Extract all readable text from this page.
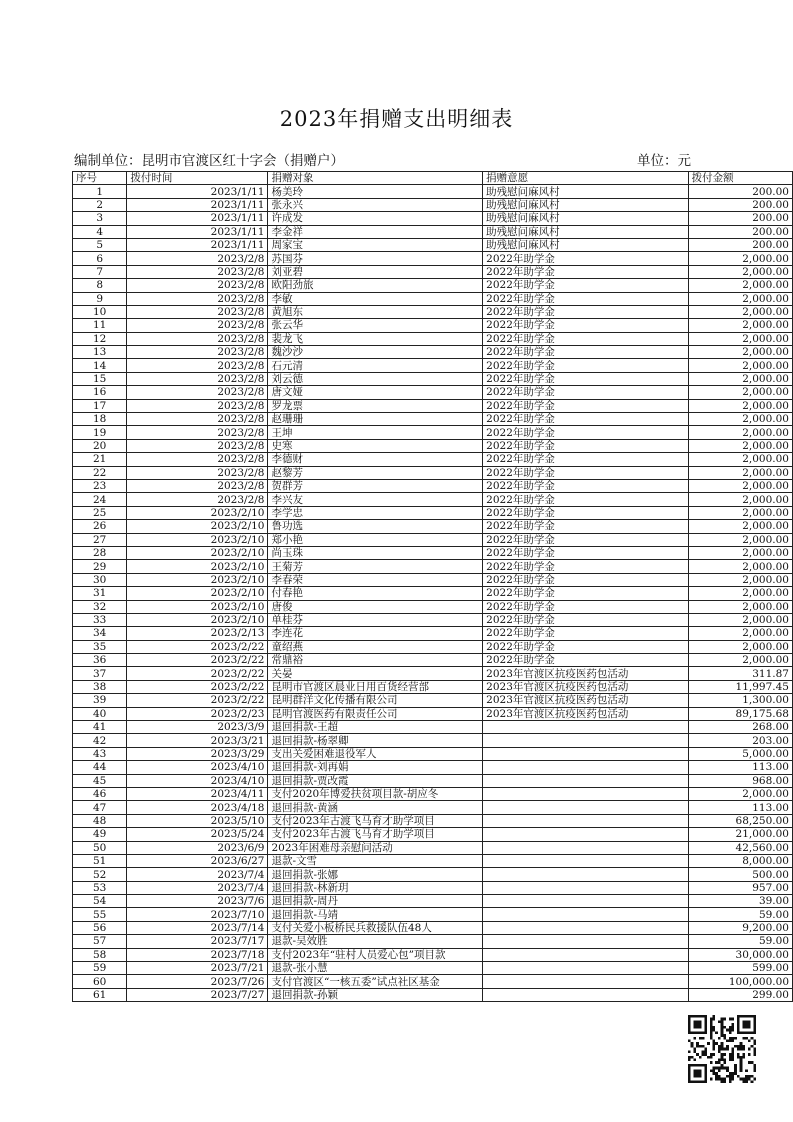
2023年捐赠支出明细表
编制单位：昆明市官渡区红十字会（捐赠户）	单位：元
序号	拨付时间	捐赠对象	捐赠意愿	拨付金额
1	2023/1/11	杨美玲	助残慰问麻风村	200.00
2	2023/1/11	张永兴	助残慰问麻风村	200.00
3	2023/1/11	许成发	助残慰问麻风村	200.00
4	2023/1/11	李金祥	助残慰问麻风村	200.00
5	2023/1/11	周家宝	助残慰问麻风村	200.00
6	2023/2/8	苏国芬	2022年助学金	2,000.00
7	2023/2/8	刘亚碧	2022年助学金	2,000.00
8	2023/2/8	欧阳劲旅	2022年助学金	2,000.00
9	2023/2/8	李敏	2022年助学金	2,000.00
10	2023/2/8	黄旭东	2022年助学金	2,000.00
11	2023/2/8	张云华	2022年助学金	2,000.00
12	2023/2/8	裴龙飞	2022年助学金	2,000.00
13	2023/2/8	魏沙沙	2022年助学金	2,000.00
14	2023/2/8	石元清	2022年助学金	2,000.00
15	2023/2/8	刘云德	2022年助学金	2,000.00
16	2023/2/8	唐文娅	2022年助学金	2,000.00
17	2023/2/8	罗龙票	2022年助学金	2,000.00
18	2023/2/8	赵珊珊	2022年助学金	2,000.00
19	2023/2/8	王坤	2022年助学金	2,000.00
20	2023/2/8	史寒	2022年助学金	2,000.00
21	2023/2/8	李德财	2022年助学金	2,000.00
22	2023/2/8	赵黎芳	2022年助学金	2,000.00
23	2023/2/8	贺群芳	2022年助学金	2,000.00
24	2023/2/8	李兴友	2022年助学金	2,000.00
25	2023/2/10	李学忠	2022年助学金	2,000.00
26	2023/2/10	鲁功选	2022年助学金	2,000.00
27	2023/2/10	郑小艳	2022年助学金	2,000.00
28	2023/2/10	尚玉珠	2022年助学金	2,000.00
29	2023/2/10	王菊芳	2022年助学金	2,000.00
30	2023/2/10	李春荣	2022年助学金	2,000.00
31	2023/2/10	付春艳	2022年助学金	2,000.00
32	2023/2/10	唐俊	2022年助学金	2,000.00
33	2023/2/10	单桂芬	2022年助学金	2,000.00
34	2023/2/13	李连花	2022年助学金	2,000.00
35	2023/2/22	童绍燕	2022年助学金	2,000.00
36	2023/2/22	常鼎裕	2022年助学金	2,000.00
37	2023/2/22	关晏	2023年官渡区抗疫医药包活动	311.87
38	2023/2/22	昆明市官渡区晨业日用百货经营部	2023年官渡区抗疫医药包活动	11,997.45
39	2023/2/22	昆明群洋文化传播有限公司	2023年官渡区抗疫医药包活动	1,300.00
40	2023/2/23	昆明官渡医药有限责任公司	2023年官渡区抗疫医药包活动	89,175.68
41	2023/3/9	退回捐款-王超		268.00
42	2023/3/21	退回捐款-杨翠卿		203.00
43	2023/3/29	支出关爱困难退役军人		5,000.00
44	2023/4/10	退回捐款-刘再娟		113.00
45	2023/4/10	退回捐款-贾改霞		968.00
46	2023/4/11	支付2020年博爱扶贫项目款-胡应冬		2,000.00
47	2023/4/18	退回捐款-黄涵		113.00
48	2023/5/10	支付2023年古渡飞马育才助学项目		68,250.00
49	2023/5/24	支付2023年古渡飞马育才助学项目		21,000.00
50	2023/6/9	2023年困难母亲慰问活动		42,560.00
51	2023/6/27	退款-文雪		8,000.00
52	2023/7/4	退回捐款-张娜		500.00
53	2023/7/4	退回捐款-林新玥		957.00
54	2023/7/6	退回捐款-周丹		39.00
55	2023/7/10	退回捐款-马靖		59.00
56	2023/7/14	支付关爱小板桥民兵救援队伍48人		9,200.00
57	2023/7/17	退款-吴效胜		59.00
58	2023/7/18	支付2023年“驻村人员爱心包”项目款		30,000.00
59	2023/7/21	退款-张小慧		599.00
60	2023/7/26	支付官渡区“一核五委”试点社区基金		100,000.00
61	2023/7/27	退回捐款-孙颖		299.00
